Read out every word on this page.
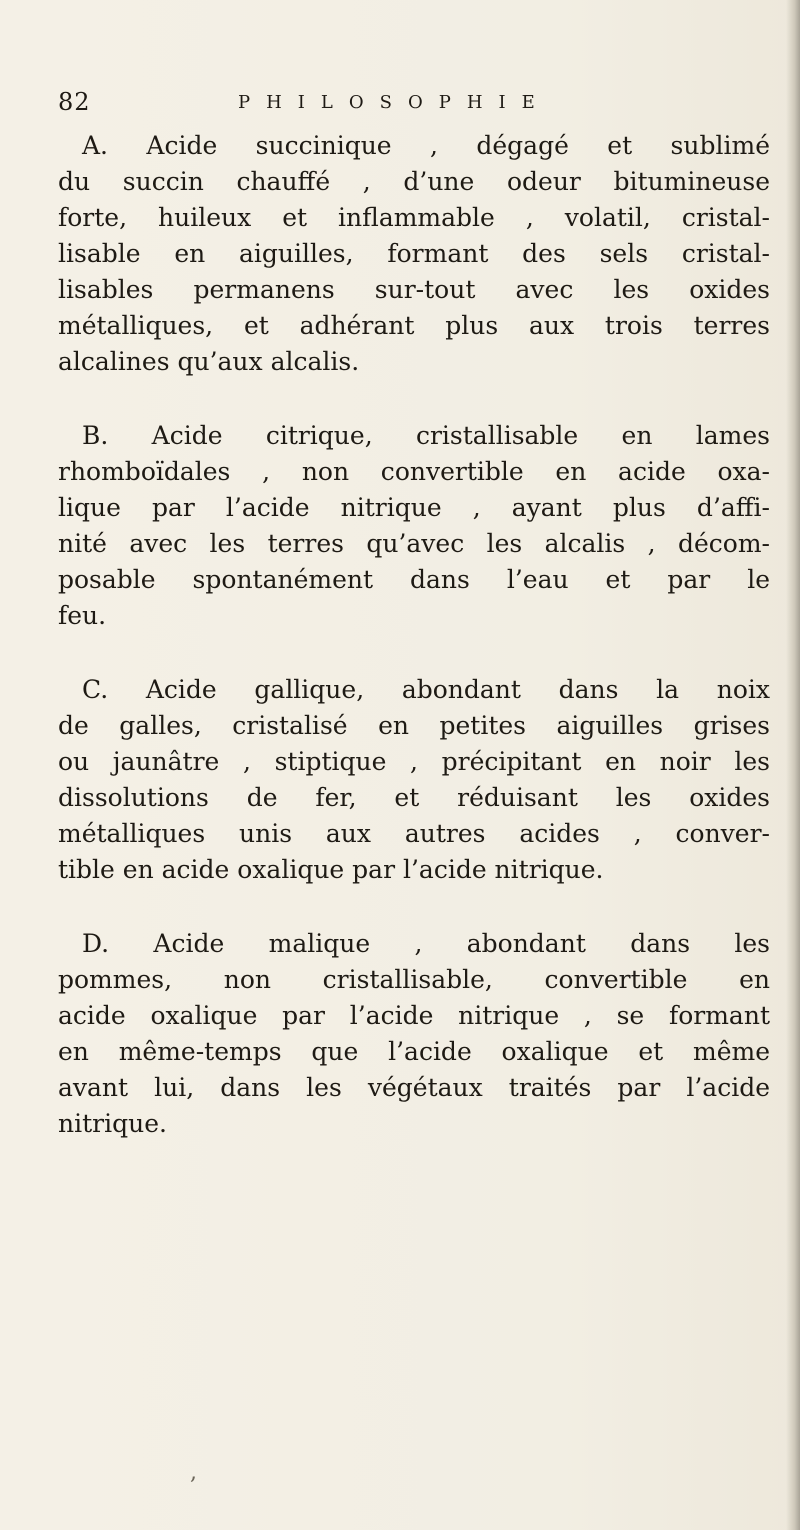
82	PHILOSOPHIE
A. Acide succinique , dégagé et sublimé
du succin chauffé , d’une odeur bitumineuse
forte, huileux et inflammable , volatil, cristal-
lisable en aiguilles, formant des sels cristal-
lisables permanens sur-tout avec les oxides
métalliques, et adhérant plus aux trois terres
alcalines qu’aux alcalis.
B. Acide citrique, cristallisable en lames
rhomboïdales , non convertible en acide oxa-
lique par l’acide nitrique , ayant plus d’affi-
nité avec les terres qu’avec les alcalis , décom-
posable spontanément dans l’eau et par le
feu.
C. Acide gallique, abondant dans la noix
de galles, cristalisé en petites aiguilles grises
ou jaunâtre , stiptique , précipitant en noir les
dissolutions de fer, et réduisant les oxides
métalliques unis aux autres acides , conver-
tible en acide oxalique par l’acide nitrique.
D. Acide malique , abondant dans les
pommes, non cristallisable, convertible en
acide oxalique par l’acide nitrique , se formant
en même-temps que l’acide oxalique et même
avant lui, dans les végétaux traités par l’acide
nitrique.
,
